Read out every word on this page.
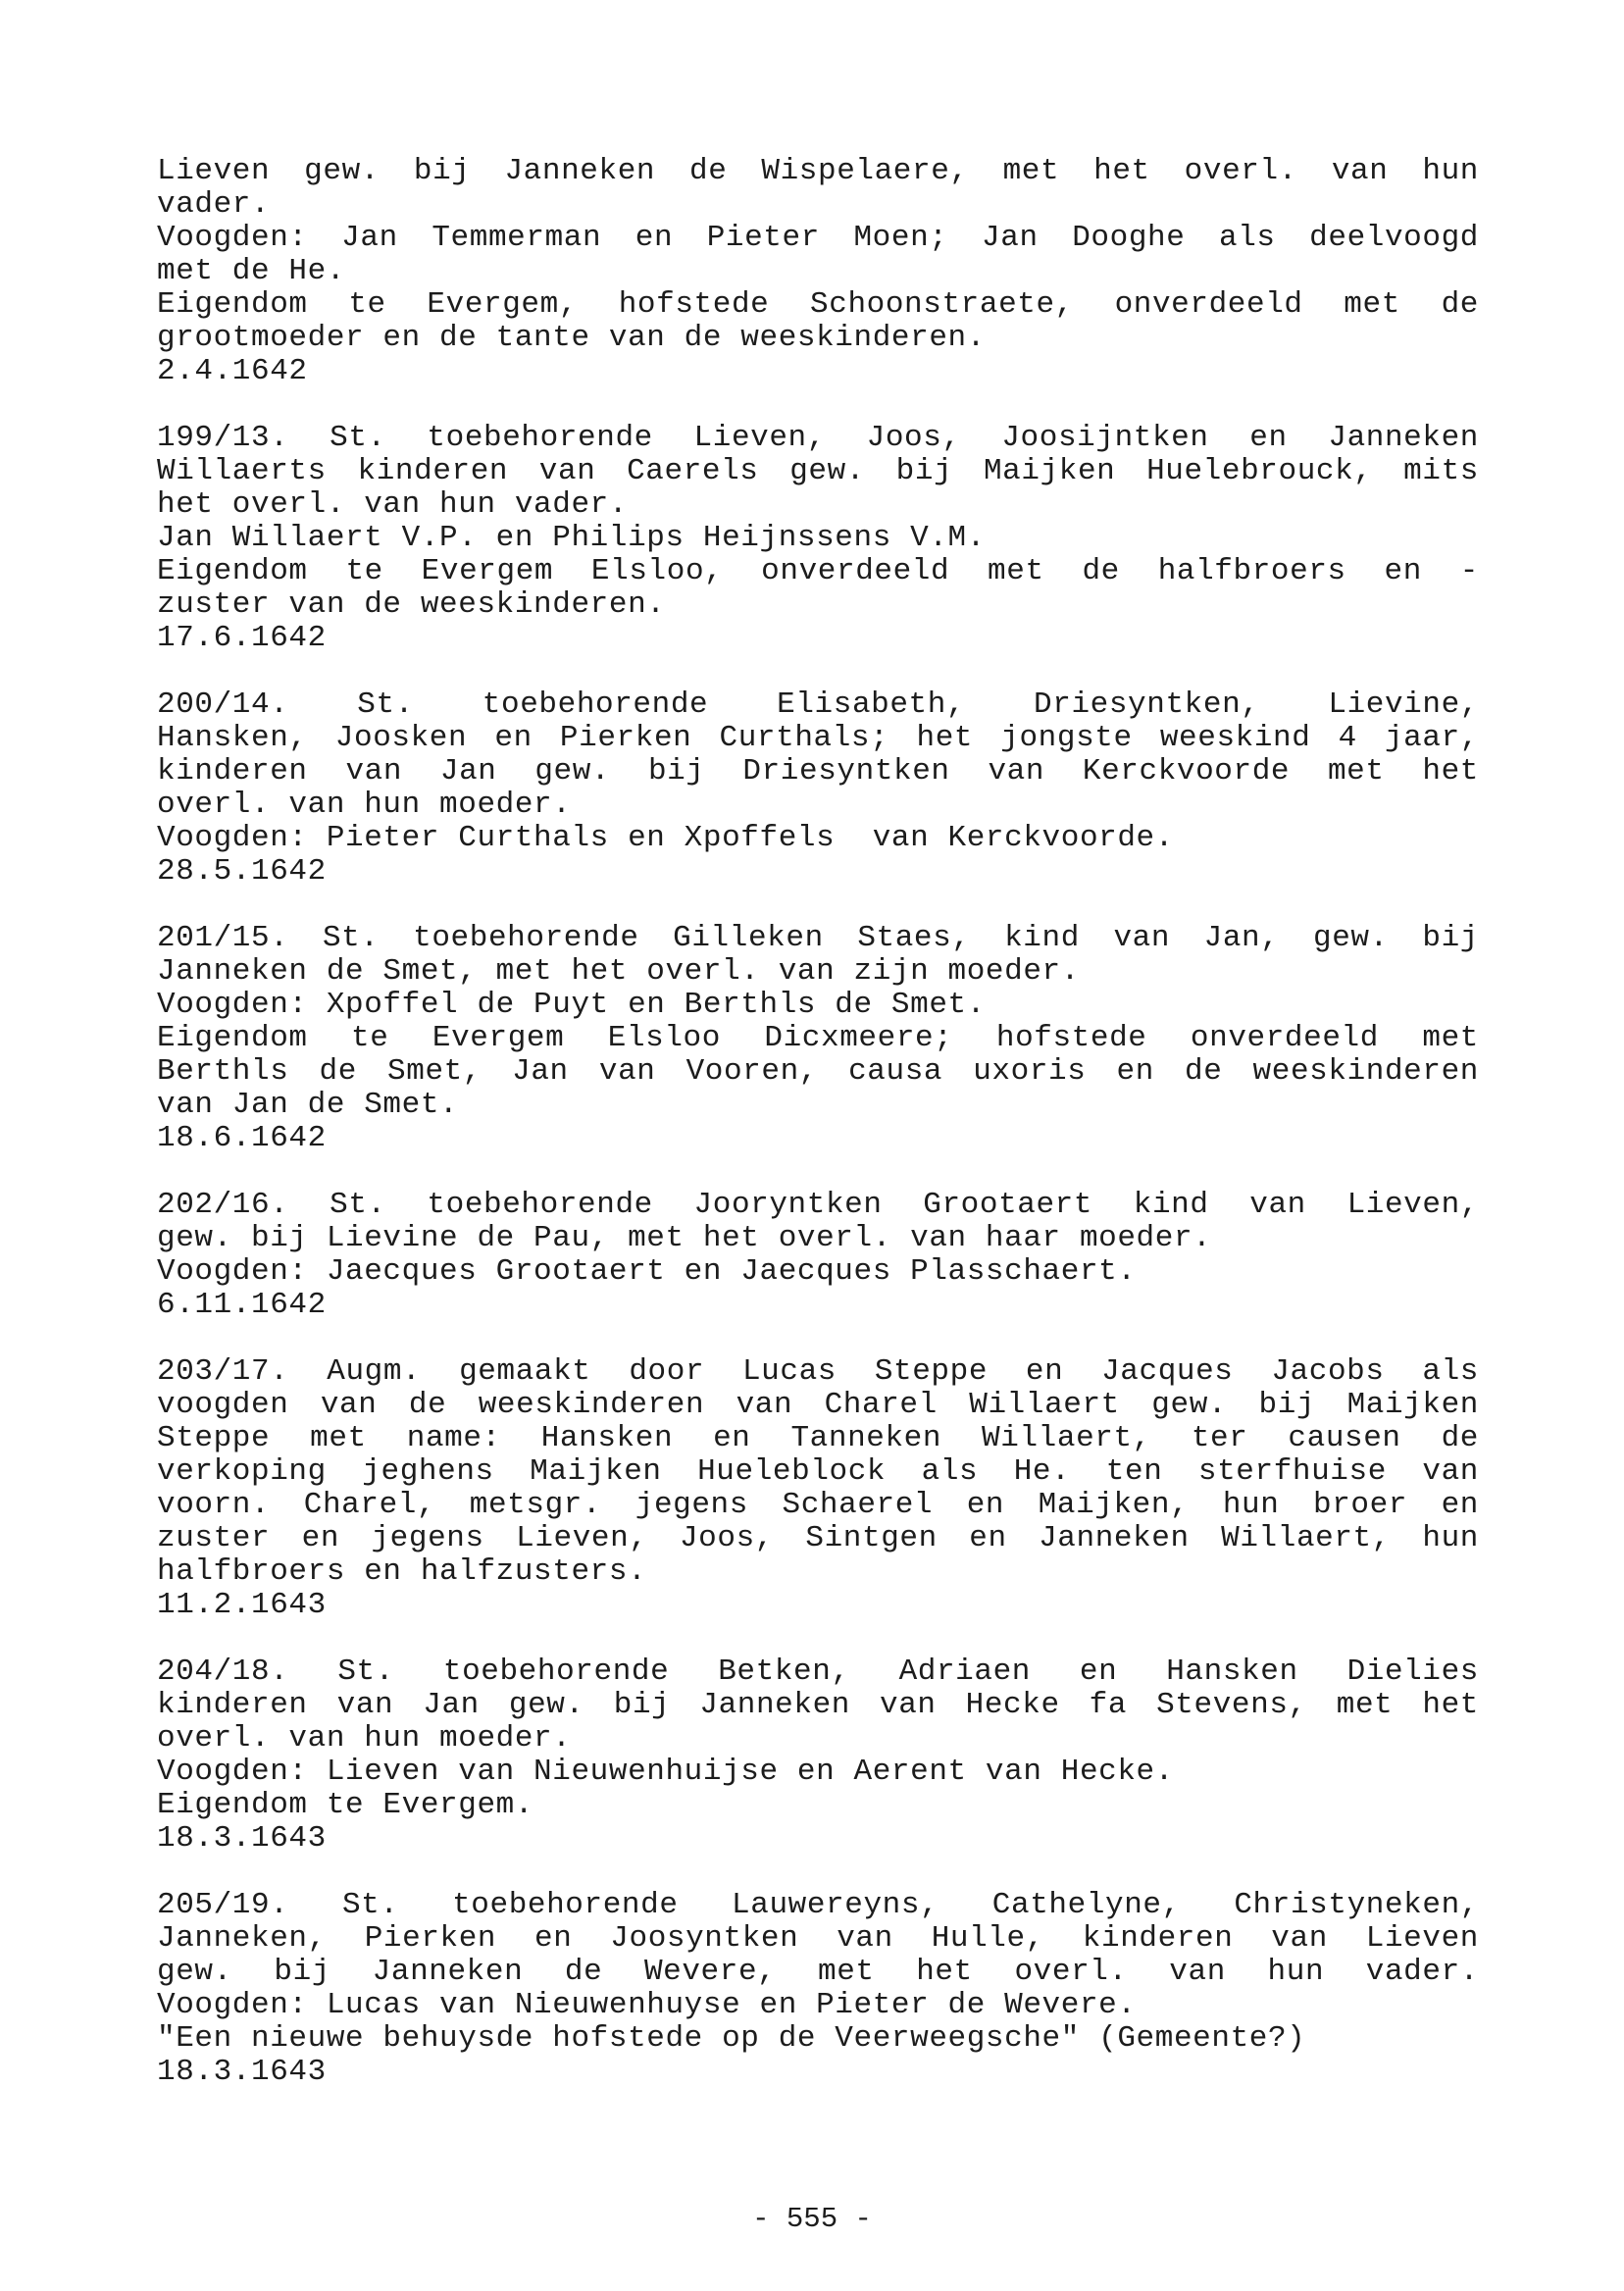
Lieven gew. bij Janneken de Wispelaere, met het overl. van hun
vader.
Voogden: Jan Temmerman en Pieter Moen; Jan Dooghe als deelvoogd
met de He.
Eigendom te Evergem, hofstede Schoonstraete, onverdeeld met de
grootmoeder en de tante van de weeskinderen.
2.4.1642
199/13. St. toebehorende Lieven, Joos, Joosijntken en Janneken
Willaerts kinderen van Caerels gew. bij Maijken Huelebrouck, mits
het overl. van hun vader.
Jan Willaert V.P. en Philips Heijnssens V.M.
Eigendom te Evergem Elsloo, onverdeeld met de halfbroers en -
zuster van de weeskinderen.
17.6.1642
200/14. St. toebehorende Elisabeth, Driesyntken, Lievine,
Hansken, Joosken en Pierken Curthals; het jongste weeskind 4 jaar,
kinderen van Jan gew. bij Driesyntken van Kerckvoorde met het
overl. van hun moeder.
Voogden: Pieter Curthals en Xpoffels  van Kerckvoorde.
28.5.1642
201/15. St. toebehorende Gilleken Staes, kind van Jan, gew. bij
Janneken de Smet, met het overl. van zijn moeder.
Voogden: Xpoffel de Puyt en Berthls de Smet.
Eigendom te Evergem Elsloo Dicxmeere; hofstede onverdeeld met
Berthls de Smet, Jan van Vooren, causa uxoris en de weeskinderen
van Jan de Smet.
18.6.1642
202/16. St. toebehorende Jooryntken Grootaert kind van Lieven,
gew. bij Lievine de Pau, met het overl. van haar moeder.
Voogden: Jaecques Grootaert en Jaecques Plasschaert.
6.11.1642
203/17. Augm. gemaakt door Lucas Steppe en Jacques Jacobs als
voogden van de weeskinderen van Charel Willaert gew. bij Maijken
Steppe met name: Hansken en Tanneken Willaert, ter causen de
verkoping jeghens Maijken Hueleblock als He. ten sterfhuise van
voorn. Charel, metsgr. jegens Schaerel en Maijken, hun broer en
zuster en jegens Lieven, Joos, Sintgen en Janneken Willaert, hun
halfbroers en halfzusters.
11.2.1643
204/18. St. toebehorende Betken, Adriaen en Hansken Dielies
kinderen van Jan gew. bij Janneken van Hecke fa Stevens, met het
overl. van hun moeder.
Voogden: Lieven van Nieuwenhuijse en Aerent van Hecke.
Eigendom te Evergem.
18.3.1643
205/19. St. toebehorende Lauwereyns, Cathelyne, Christyneken,
Janneken, Pierken en Joosyntken van Hulle, kinderen van Lieven
gew. bij Janneken de Wevere, met het overl. van hun vader.
Voogden: Lucas van Nieuwenhuyse en Pieter de Wevere.
"Een nieuwe behuysde hofstede op de Veerweegsche" (Gemeente?)
18.3.1643
- 555 -
